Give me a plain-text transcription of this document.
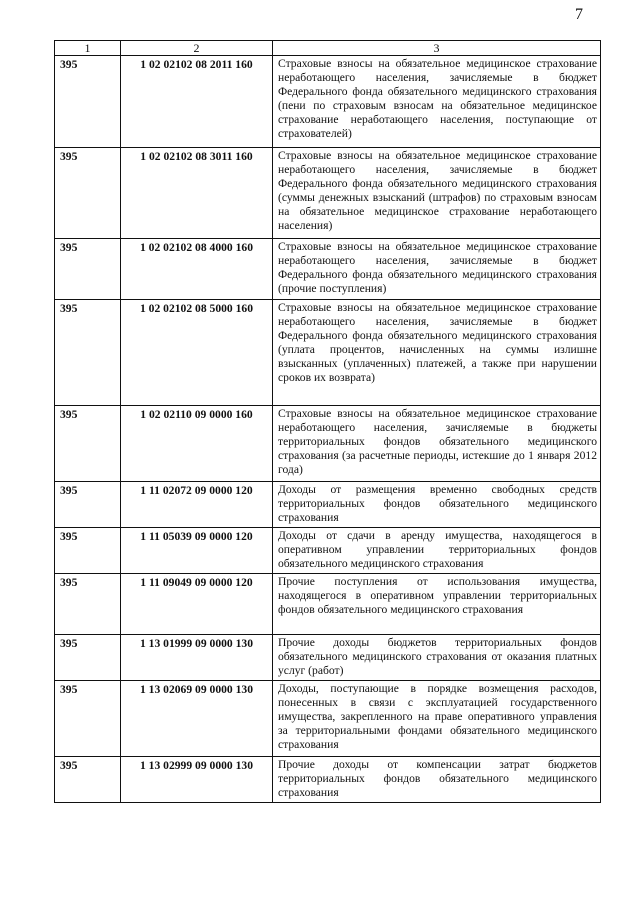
7
1	2	3
395	1 02 02102 08 2011 160	Страховые взносы на обязательное медицинское страхование неработающего населения, зачисляемые в бюджет Федерального фонда обязательного медицинского страхования (пени по страховым взносам на обязательное медицинское страхование неработающего населения, поступающие от страхователей)
395	1 02 02102 08 3011 160	Страховые взносы на обязательное медицинское страхование неработающего населения, зачисляемые в бюджет Федерального фонда обязательного медицинского страхования (суммы денежных взысканий (штрафов) по страховым взносам на обязательное медицинское страхование неработающего населения)
395	1 02 02102 08 4000 160	Страховые взносы на обязательное медицинское страхование неработающего населения, зачисляемые в бюджет Федерального фонда обязательного медицинского страхования (прочие поступления)
395	1 02 02102 08 5000 160	Страховые взносы на обязательное медицинское страхование неработающего населения, зачисляемые в бюджет Федерального фонда обязательного медицинского страхования (уплата процентов, начисленных на суммы излишне взысканных (уплаченных) платежей, а также при нарушении сроков их возврата)
395	1 02 02110 09 0000 160	Страховые взносы на обязательное медицинское страхование неработающего населения, зачисляемые в бюджеты территориальных фондов обязательного медицинского страхования (за расчетные периоды, истекшие до 1 января 2012 года)
395	1 11 02072 09 0000 120	Доходы от размещения временно свободных средств территориальных фондов обязательного медицинского страхования
395	1 11 05039 09 0000 120	Доходы от сдачи в аренду имущества, находящегося в оперативном управлении территориальных фондов обязательного медицинского страхования
395	1 11 09049 09 0000 120	Прочие поступления от использования имущества, находящегося в оперативном управлении территориальных фондов обязательного медицинского страхования
395	1 13 01999 09 0000 130	Прочие доходы бюджетов территориальных фондов обязательного медицинского страхования от оказания платных услуг (работ)
395	1 13 02069 09 0000 130	Доходы, поступающие в порядке возмещения расходов, понесенных в связи с эксплуатацией государственного имущества, закрепленного на праве оперативного управления за территориальными фондами обязательного медицинского страхования
395	1 13 02999 09 0000 130	Прочие доходы от компенсации затрат бюджетов территориальных фондов обязательного медицинского страхования
